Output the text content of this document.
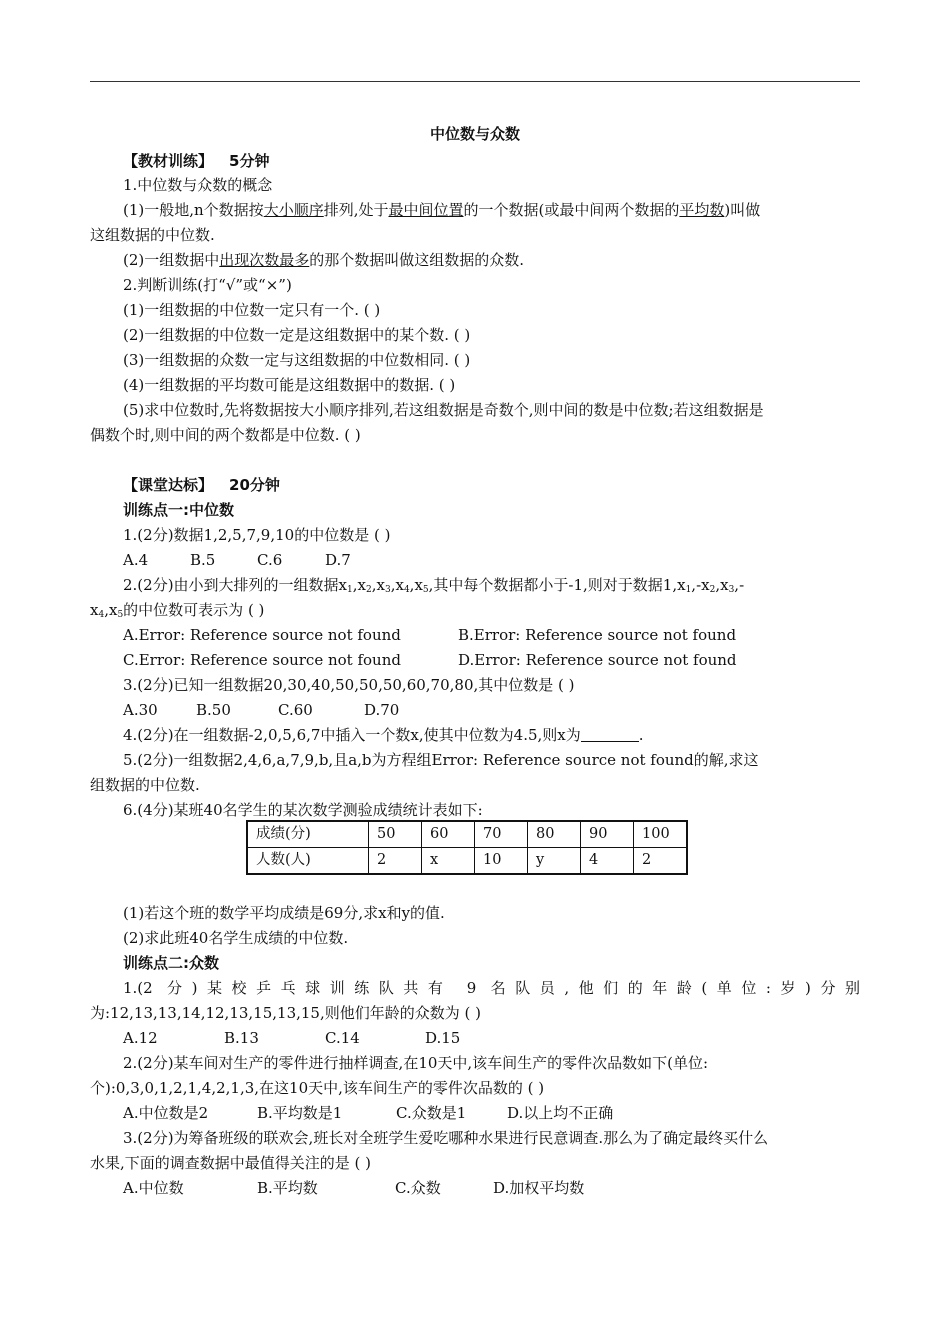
中位数与众数
【教材训练】 5分钟
1.中位数与众数的概念
(1)一般地,n个数据按大小顺序排列,处于最中间位置的一个数据(或最中间两个数据的平均数)叫做
这组数据的中位数.
(2)一组数据中出现次数最多的那个数据叫做这组数据的众数.
2.判断训练(打“√”或“×”)
(1)一组数据的中位数一定只有一个. ( )
(2)一组数据的中位数一定是这组数据中的某个数. ( )
(3)一组数据的众数一定与这组数据的中位数相同. ( )
(4)一组数据的平均数可能是这组数据中的数据. ( )
(5)求中位数时,先将数据按大小顺序排列,若这组数据是奇数个,则中间的数是中位数;若这组数据是
偶数个时,则中间的两个数都是中位数. ( )
【课堂达标】 20分钟
训练点一:中位数
1.(2分)数据1,2,5,7,9,10的中位数是 ( )
A.4	B.5	C.6	D.7
2.(2分)由小到大排列的一组数据$x_1,x_2,x_3,x_4,x_5$,其中每个数据都小于-1,则对于数据$1,x_1,-x_2,x_3,-$
$x_4,x_5$的中位数可表示为 ( )
A.Error: Reference source not found	B.Error: Reference source not found
C.Error: Reference source not found	D.Error: Reference source not found
3.(2分)已知一组数据20,30,40,50,50,50,60,70,80,其中位数是 ( )
A.30	B.50	C.60	D.70
4.(2分)在一组数据-2,0,5,6,7中插入一个数x,使其中位数为4.5,则x为	.
5.(2分)一组数据2,4,6,a,7,9,b,且a,b为方程组Error: Reference source not found的解,求这
组数据的中位数.
6.(4分)某班40名学生的某次数学测验成绩统计表如下:
成绩(分)	50	60	70	80	90	100
人数(人)	2	x	10	y	4	2
(1)若这个班的数学平均成绩是69分,求x和y的值.
(2)求此班40名学生成绩的中位数.
训练点二:众数
1.(2 分)某校乒乓球训练队共有 9 名队员,他们的年龄(单位:岁)分别
为:12,13,13,14,12,13,15,13,15,则他们年龄的众数为 ( )
A.12	B.13	C.14	D.15
2.(2分)某车间对生产的零件进行抽样调查,在10天中,该车间生产的零件次品数如下(单位:
个):0,3,0,1,2,1,4,2,1,3,在这10天中,该车间生产的零件次品数的 ( )
A.中位数是2	B.平均数是1	C.众数是1	D.以上均不正确
3.(2分)为筹备班级的联欢会,班长对全班学生爱吃哪种水果进行民意调查.那么为了确定最终买什么
水果,下面的调查数据中最值得关注的是 ( )
A.中位数	B.平均数	C.众数	D.加权平均数
